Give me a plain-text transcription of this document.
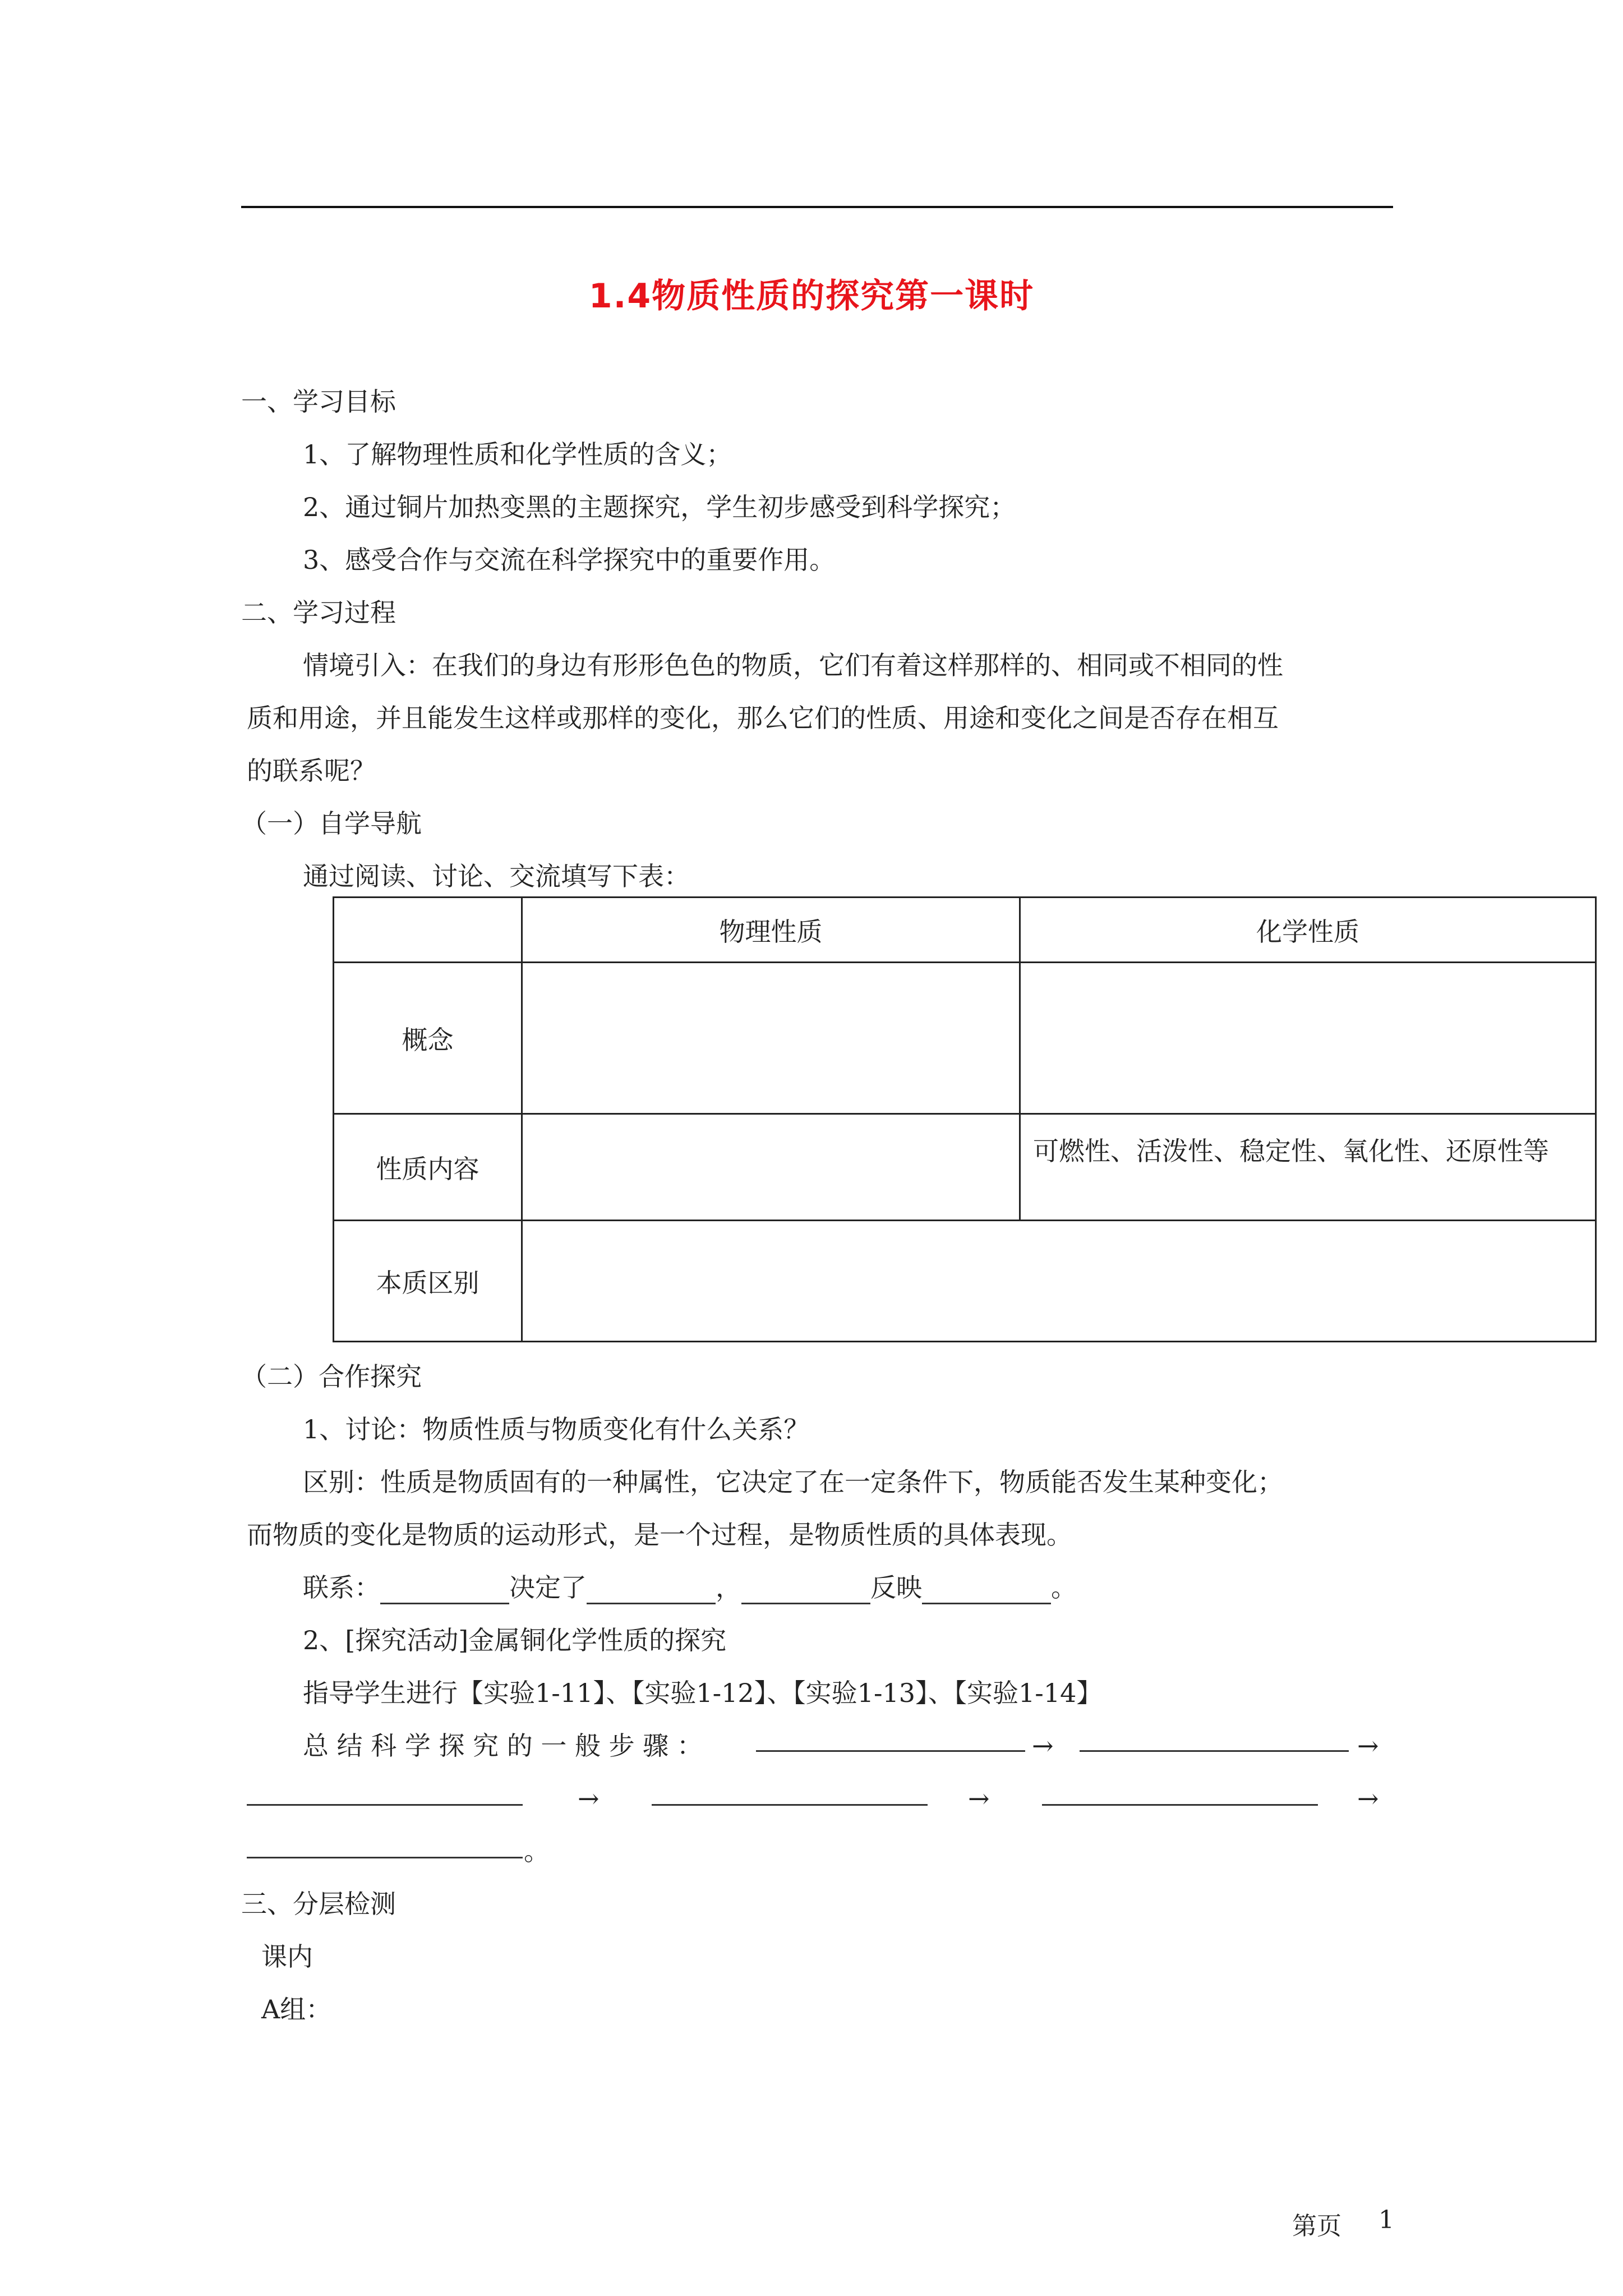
1.4物质性质的探究第一课时
一、学习目标
1、了解物理性质和化学性质的含义；
2、通过铜片加热变黑的主题探究，学生初步感受到科学探究；
3、感受合作与交流在科学探究中的重要作用。
二、学习过程
情境引入：在我们的身边有形形色色的物质，它们有着这样那样的、相同或不相同的性
质和用途，并且能发生这样或那样的变化，那么它们的性质、用途和变化之间是否存在相互
的联系呢？
（一）自学导航
通过阅读、讨论、交流填写下表：
	物理性质	化学性质
概念		
性质内容		可燃性、活泼性、稳定性、氧化性、还原性等
本质区别		
（二）合作探究
1、讨论：物质性质与物质变化有什么关系？
区别：性质是物质固有的一种属性，它决定了在一定条件下，物质能否发生某种变化；
而物质的变化是物质的运动形式，是一个过程，是物质性质的具体表现。
联系：	决定了	，	反映	。
2、[探究活动]金属铜化学性质的探究
指导学生进行【实验1-11】、【实验1-12】、【实验1-13】、【实验1-14】
总 结 科 学 探 究 的 一 般 步 骤 ：	→	→
→	→	→
。
三、分层检测
课内
A组：
第页 1
